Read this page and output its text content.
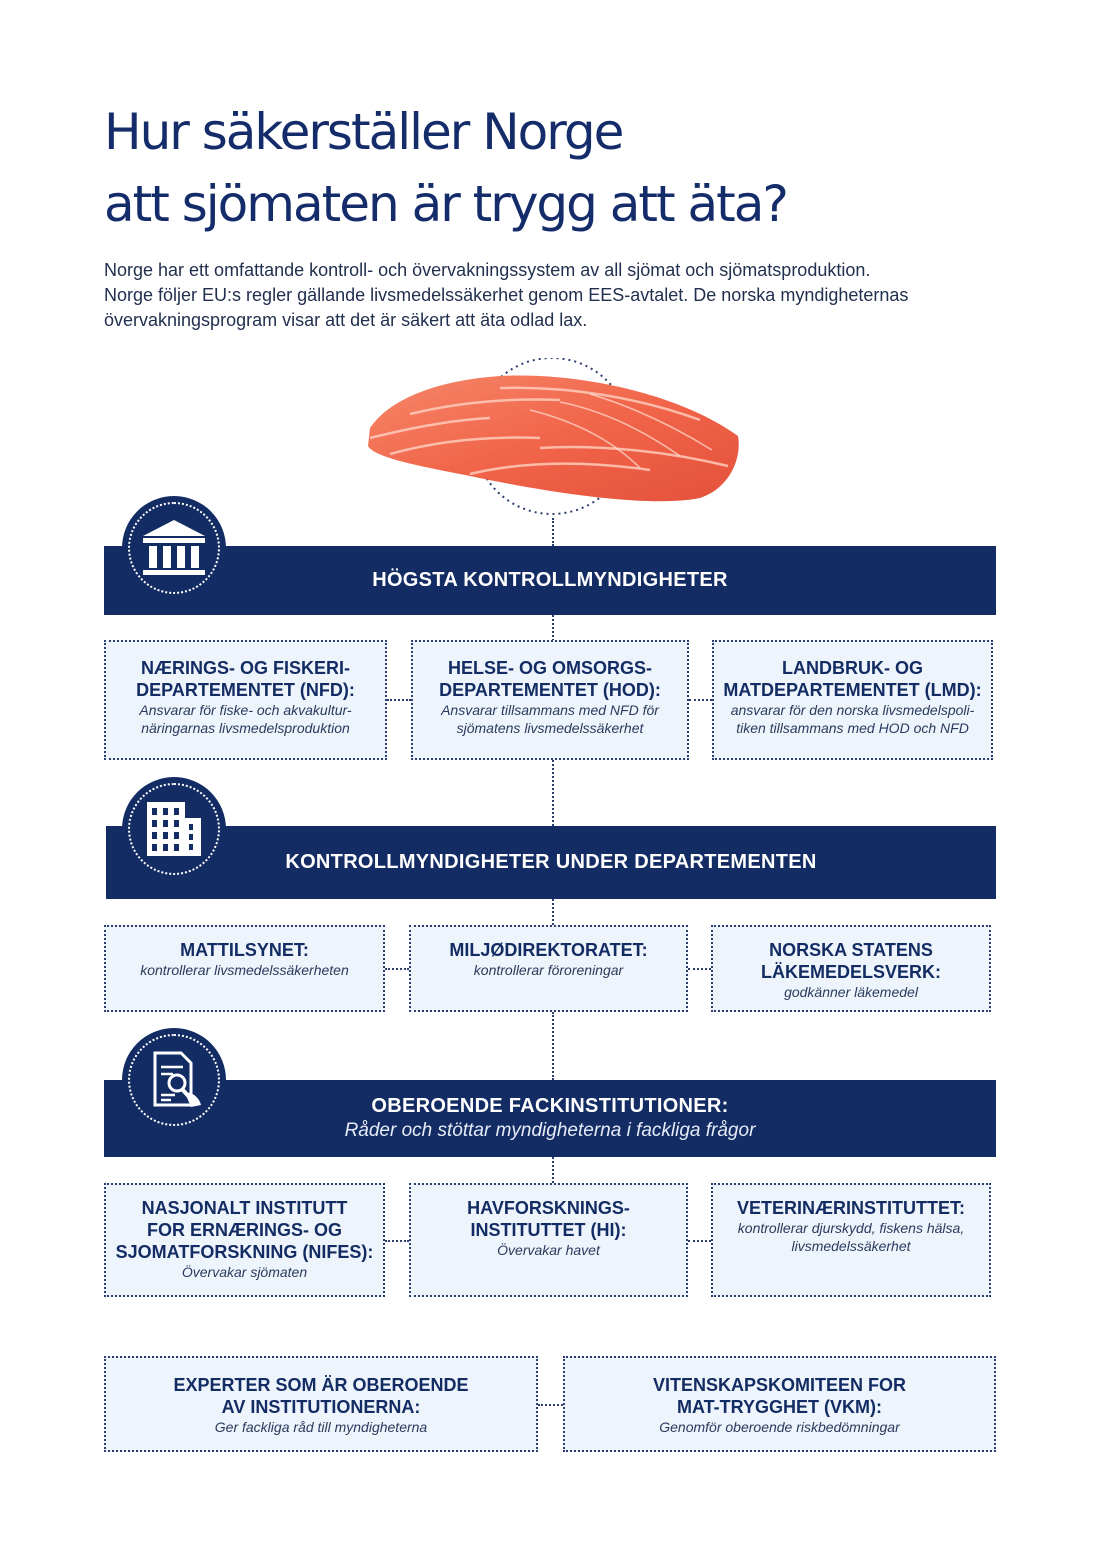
Hur säkerställer Norge
att sjömaten är trygg att äta?
Norge har ett omfattande kontroll- och övervakningssystem av all sjömat och sjömatsproduktion.
Norge följer EU:s regler gällande livsmedelssäkerhet genom EES-avtalet. De norska myndigheternas
övervakningsprogram visar att det är säkert att äta odlad lax.
HÖGSTA KONTROLLMYNDIGHETER
NÆRINGS- OG FISKERI-
DEPARTEMENTET (NFD):
Ansvarar för fiske- och akvakultur-
näringarnas livsmedelsproduktion
HELSE- OG OMSORGS-
DEPARTEMENTET (HOD):
Ansvarar tillsammans med NFD för
sjömatens livsmedelssäkerhet
LANDBRUK- OG
MATDEPARTEMENTET (LMD):
ansvarar för den norska livsmedelspoli-
tiken tillsammans med HOD och NFD
KONTROLLMYNDIGHETER UNDER DEPARTEMENTEN
MATTILSYNET:
kontrollerar livsmedelssäkerheten
MILJØDIREKTORATET:
kontrollerar föroreningar
NORSKA STATENS
LÄKEMEDELSVERK:
godkänner läkemedel
OBEROENDE FACKINSTITUTIONER:
Råder och stöttar myndigheterna i fackliga frågor
NASJONALT INSTITUTT
FOR ERNÆRINGS- OG
SJOMATFORSKNING (NIFES):
Övervakar sjömaten
HAVFORSKNINGS-
INSTITUTTET (HI):
Övervakar havet
VETERINÆRINSTITUTTET:
kontrollerar djurskydd, fiskens hälsa,
livsmedelssäkerhet
EXPERTER SOM ÄR OBEROENDE
AV INSTITUTIONERNA:
Ger fackliga råd till myndigheterna
VITENSKAPSKOMITEEN FOR
MAT-TRYGGHET (VKM):
Genomför oberoende riskbedömningar
